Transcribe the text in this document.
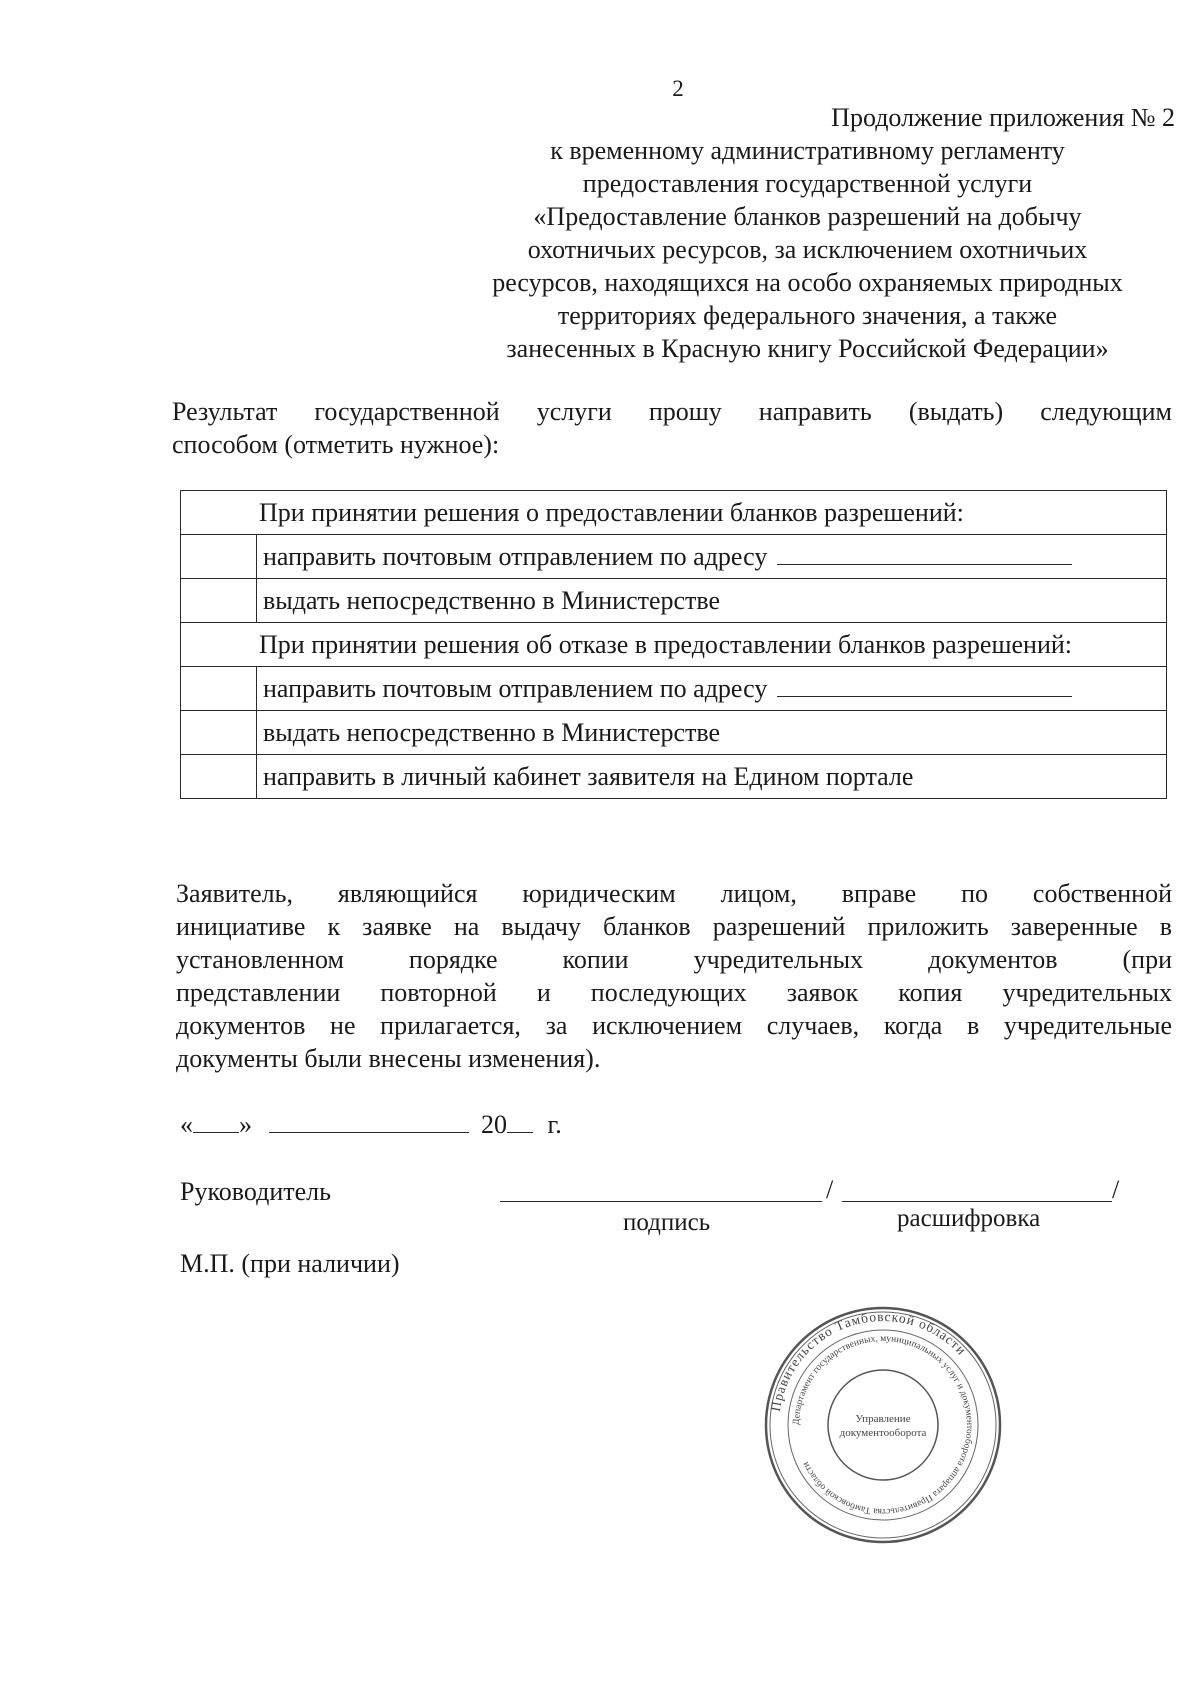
2
Продолжение приложения № 2
к временному административному регламенту
предоставления государственной услуги
«Предоставление бланков разрешений на добычу
охотничьих ресурсов, за исключением охотничьих
ресурсов, находящихся на особо охраняемых природных
территориях федерального значения, а также
занесенных в Красную книгу Российской Федерации»
Результат государственной услуги прошу направить (выдать) следующим
способом (отметить нужное):
При принятии решения о предоставлении бланков разрешений:	
	направить почтовым отправлением по адресу
	выдать непосредственно в Министерстве
При принятии решения об отказе в предоставлении бланков разрешений:	
	направить почтовым отправлением по адресу
	выдать непосредственно в Министерстве
	направить в личный кабинет заявителя на Едином портале
Заявитель, являющийся юридическим лицом, вправе по собственной
инициативе к заявке на выдачу бланков разрешений приложить заверенные в
установленном порядке копии учредительных документов (при
представлении повторной и последующих заявок копия учредительных
документов не прилагается, за исключением случаев, когда в учредительные
документы были внесены изменения).
« »	20 г.
Руководитель	/	/
подпись	расшифровка
М.П. (при наличии)
Правительство Тамбовской области
Департамент государственных, муниципальных услуг и документооборота аппарата Правительства Тамбовской области
Управление
документооборота
